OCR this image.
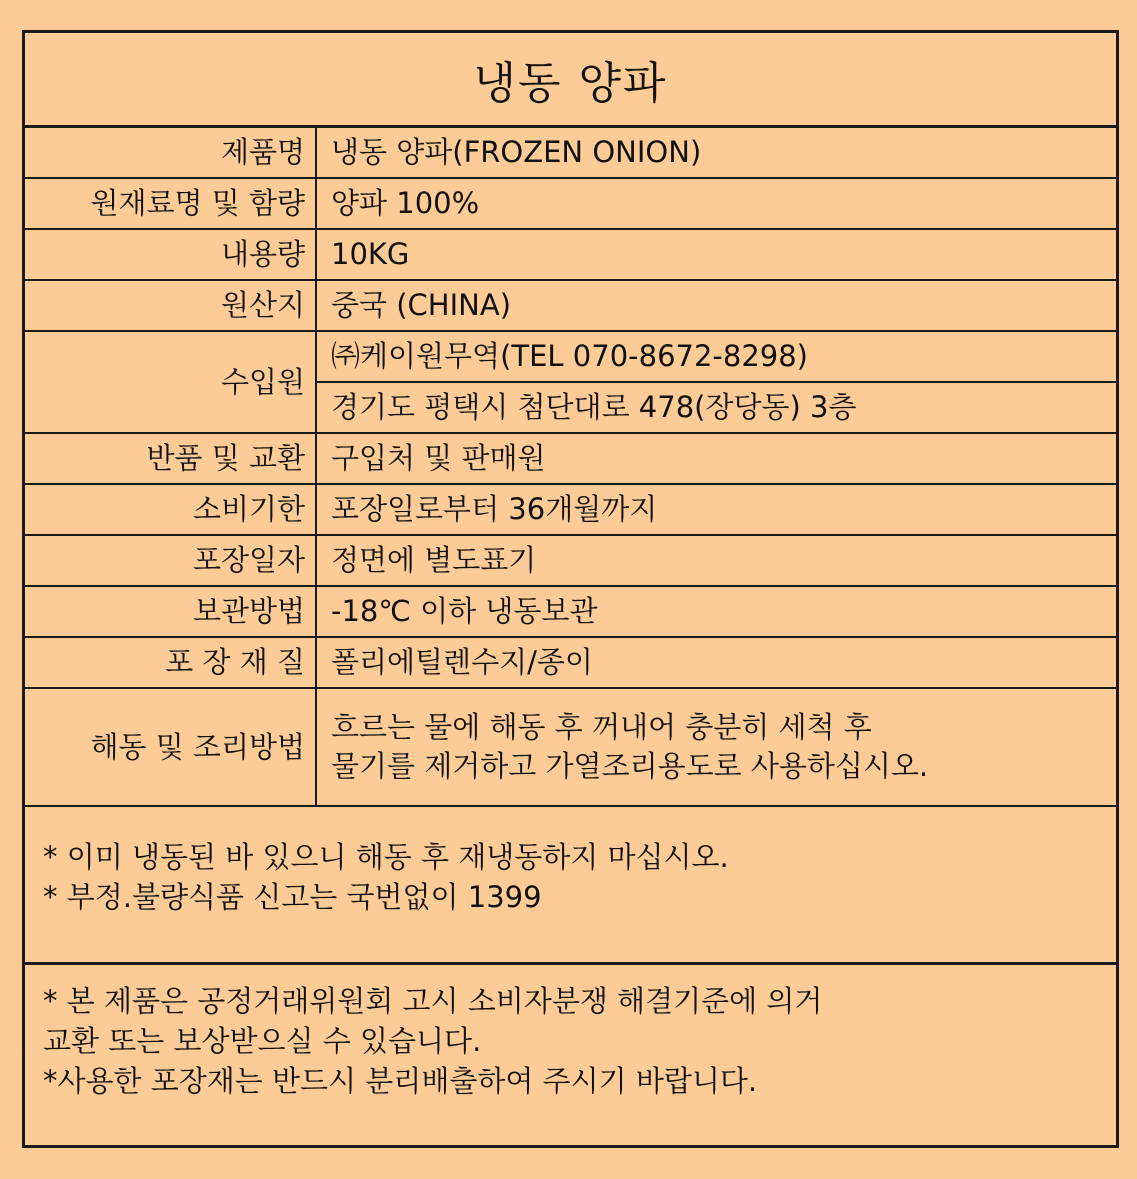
냉동 양파
제품명	냉동 양파(FROZEN ONION)
원재료명 및 함량	양파 100%
내용량	10KG
원산지	중국 (CHINA)
수입원	㈜케이원무역(TEL 070-8672-8298)
	경기도 평택시 첨단대로 478(장당동) 3층
반품 및 교환	구입처 및 판매원
소비기한	포장일로부터 36개월까지
포장일자	정면에 별도표기
보관방법	-18℃ 이하 냉동보관
포 장 재 질	폴리에틸렌수지/종이
해동 및 조리방법	흐르는 물에 해동 후 꺼내어 충분히 세척 후
물기를 제거하고 가열조리용도로 사용하십시오.
* 이미 냉동된 바 있으니 해동 후 재냉동하지 마십시오.
* 부정.불량식품 신고는 국번없이 1399
* 본 제품은 공정거래위원회 고시 소비자분쟁 해결기준에 의거
교환 또는 보상받으실 수 있습니다.
*사용한 포장재는 반드시 분리배출하여 주시기 바랍니다.
